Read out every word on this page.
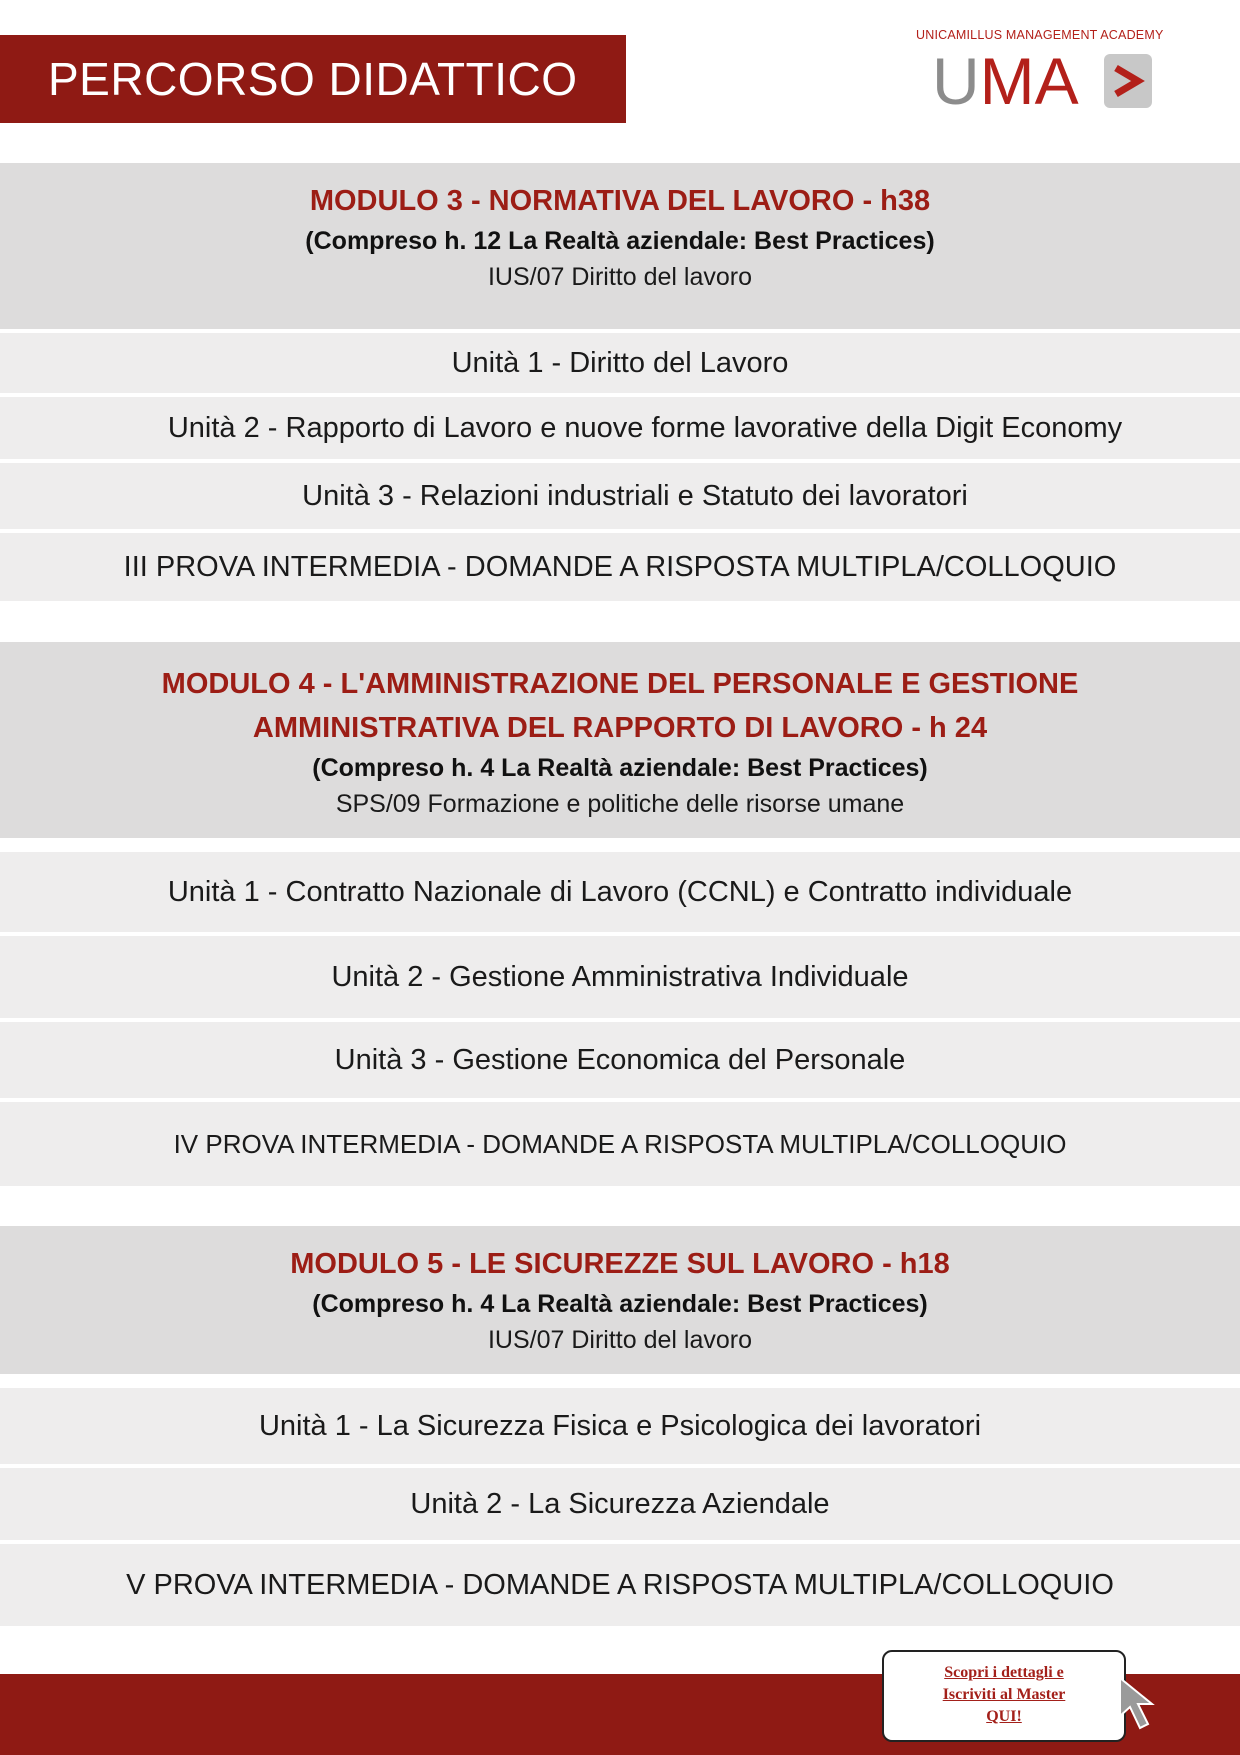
PERCORSO DIDATTICO
UNICAMILLUS MANAGEMENT ACADEMY
UMA
MODULO 3 - NORMATIVA DEL LAVORO - h38
(Compreso h. 12 La Realtà aziendale: Best Practices)
IUS/07 Diritto del lavoro
Unità 1 - Diritto del Lavoro
Unità 2 - Rapporto di Lavoro e nuove forme lavorative della Digit Economy
Unità 3 - Relazioni industriali e Statuto dei lavoratori
III PROVA INTERMEDIA - DOMANDE A RISPOSTA MULTIPLA/COLLOQUIO
MODULO 4 - L'AMMINISTRAZIONE DEL PERSONALE E GESTIONE
AMMINISTRATIVA DEL RAPPORTO DI LAVORO - h 24
(Compreso h. 4 La Realtà aziendale: Best Practices)
SPS/09 Formazione e politiche delle risorse umane
Unità 1 - Contratto Nazionale di Lavoro (CCNL) e Contratto individuale
Unità 2 - Gestione Amministrativa Individuale
Unità 3 - Gestione Economica del Personale
IV PROVA INTERMEDIA - DOMANDE A RISPOSTA MULTIPLA/COLLOQUIO
MODULO 5 - LE SICUREZZE SUL LAVORO - h18
(Compreso h. 4 La Realtà aziendale: Best Practices)
IUS/07 Diritto del lavoro
Unità 1 - La Sicurezza Fisica e Psicologica dei lavoratori
Unità 2 - La Sicurezza Aziendale
V PROVA INTERMEDIA - DOMANDE A RISPOSTA MULTIPLA/COLLOQUIO
Scopri i dettagli e
Iscriviti al Master
QUI!
